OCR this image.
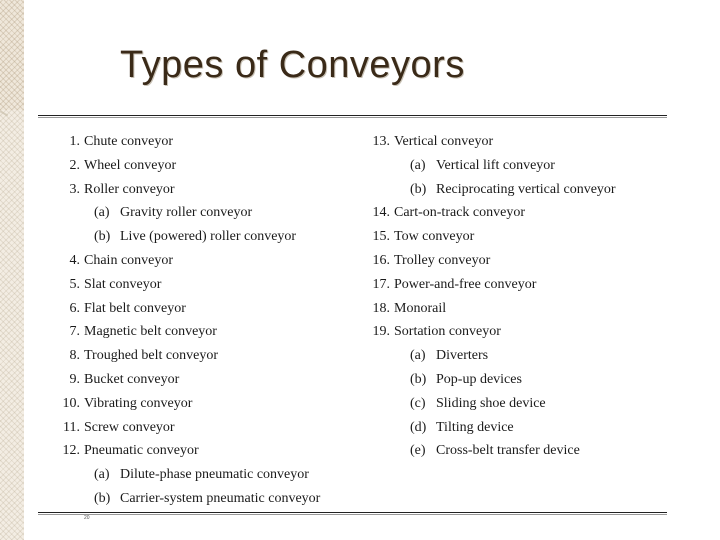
Types of Conveyors
1. Chute conveyor
2. Wheel conveyor
3. Roller conveyor
(a) Gravity roller conveyor
(b) Live (powered) roller conveyor
4. Chain conveyor
5. Slat conveyor
6. Flat belt conveyor
7. Magnetic belt conveyor
8. Troughed belt conveyor
9. Bucket conveyor
10. Vibrating conveyor
11. Screw conveyor
12. Pneumatic conveyor
(a) Dilute-phase pneumatic conveyor
(b) Carrier-system pneumatic conveyor
13. Vertical conveyor
(a) Vertical lift conveyor
(b) Reciprocating vertical conveyor
14. Cart-on-track conveyor
15. Tow conveyor
16. Trolley conveyor
17. Power-and-free conveyor
18. Monorail
19. Sortation conveyor
(a) Diverters
(b) Pop-up devices
(c) Sliding shoe device
(d) Tilting device
(e) Cross-belt transfer device
20
